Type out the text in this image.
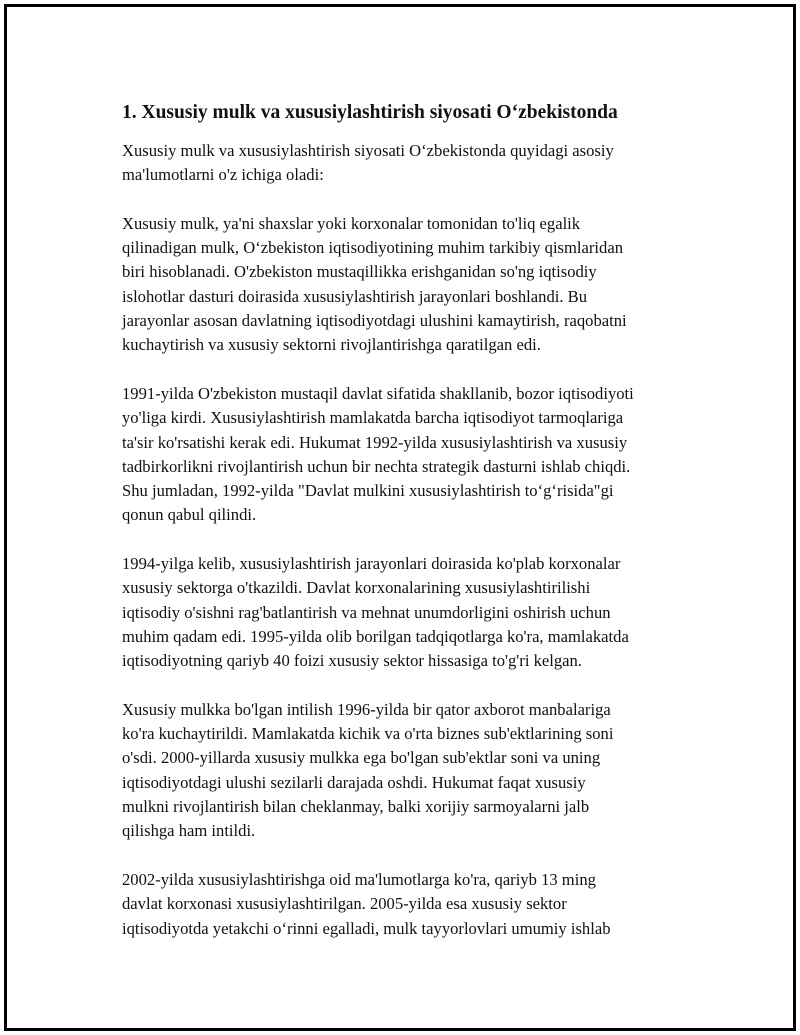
1. Xususiy mulk va xususiylashtirish siyosati O‘zbekistonda

Xususiy mulk va xususiylashtirish siyosati O‘zbekistonda quyidagi asosiy
ma'lumotlarni o'z ichiga oladi:

Xususiy mulk, ya'ni shaxslar yoki korxonalar tomonidan to'liq egalik
qilinadigan mulk, O‘zbekiston iqtisodiyotining muhim tarkibiy qismlaridan
biri hisoblanadi. O'zbekiston mustaqillikka erishganidan so'ng iqtisodiy
islohotlar dasturi doirasida xususiylashtirish jarayonlari boshlandi. Bu
jarayonlar asosan davlatning iqtisodiyotdagi ulushini kamaytirish, raqobatni
kuchaytirish va xususiy sektorni rivojlantirishga qaratilgan edi.

1991-yilda O'zbekiston mustaqil davlat sifatida shakllanib, bozor iqtisodiyoti
yo'liga kirdi. Xususiylashtirish mamlakatda barcha iqtisodiyot tarmoqlariga
ta'sir ko'rsatishi kerak edi. Hukumat 1992-yilda xususiylashtirish va xususiy
tadbirkorlikni rivojlantirish uchun bir nechta strategik dasturni ishlab chiqdi.
Shu jumladan, 1992-yilda "Davlat mulkini xususiylashtirish to‘g‘risida"gi
qonun qabul qilindi.

1994-yilga kelib, xususiylashtirish jarayonlari doirasida ko'plab korxonalar
xususiy sektorga o'tkazildi. Davlat korxonalarining xususiylashtirilishi
iqtisodiy o'sishni rag'batlantirish va mehnat unumdorligini oshirish uchun
muhim qadam edi. 1995-yilda olib borilgan tadqiqotlarga ko'ra, mamlakatda
iqtisodiyotning qariyb 40 foizi xususiy sektor hissasiga to'g'ri kelgan.

Xususiy mulkka bo'lgan intilish 1996-yilda bir qator axborot manbalariga
ko'ra kuchaytirildi. Mamlakatda kichik va o'rta biznes sub'ektlarining soni
o'sdi. 2000-yillarda xususiy mulkka ega bo'lgan sub'ektlar soni va uning
iqtisodiyotdagi ulushi sezilarli darajada oshdi. Hukumat faqat xususiy
mulkni rivojlantirish bilan cheklanmay, balki xorijiy sarmoyalarni jalb
qilishga ham intildi.

2002-yilda xususiylashtirishga oid ma'lumotlarga ko'ra, qariyb 13 ming
davlat korxonasi xususiylashtirilgan. 2005-yilda esa xususiy sektor
iqtisodiyotda yetakchi o‘rinni egalladi, mulk tayyorlovlari umumiy ishlab
